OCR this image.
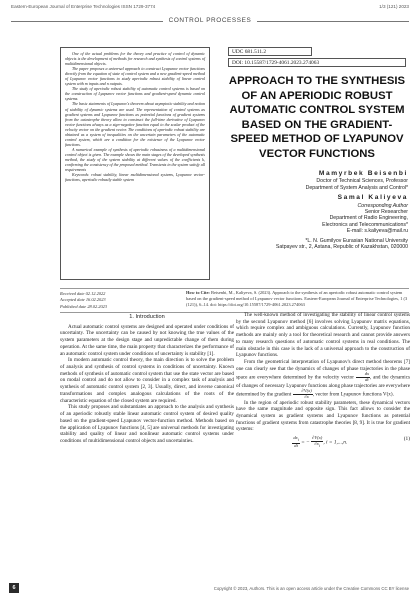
Eastern-European Journal of Enterprise Technologies ISSN 1729-3774	1/3 (121) 2023
CONTROL PROCESSES

One of the actual problems for the theory and practice of control of dynamic objects is the development of methods for research and synthesis of control systems of multidimensional objects.

The paper proposes a universal approach to construct Lyapunov vector functions directly from the equation of state of control system and a new gradient-speed method of Lyapunov vector functions to study aperiodic robust stability of linear control system with m inputs and n outputs.

The study of aperiodic robust stability of automatic control systems is based on the construction of Lyapunov vector functions and gradient-speed dynamic control systems.

The basic statements of Lyapunov's theorem about asymptotic stability and notion of stability of dynamic systems are used. The representation of control systems as gradient systems and Lyapunov functions as potential functions of gradient systems from the catastrophe theory allow to construct the full-time derivative of Lyapunov vector functions always as a sign-negative function equal to the scalar product of the velocity vector on the gradient vector. The conditions of aperiodic robust stability are obtained as a system of inequalities on the uncertain parameters of the automatic control system, which are a condition for the existence of the Lyapunov vector functions.

A numerical example of synthesis of aperiodic robustness of a multidimensional control object is given. The example shows the main stages of the developed synthesis method, the study of the system stability at different values of the coefficients k, confirming the consistency of the proposed method. Transients in the system satisfy all requirements

Keywords: robust stability, linear multidimensional systems, Lyapunov vector-functions, aperiodic robustly stable system

UDC 681.511.2
DOI: 10.15587/1729-4061.2023.274063
APPROACH TO THE SYNTHESIS OF AN APERIODIC ROBUST AUTOMATIC CONTROL SYSTEM BASED ON THE GRADIENT-SPEED METHOD OF LYAPUNOV VECTOR FUNCTIONS
Mamyrbek Beisenbi
Doctor of Technical Sciences, Professor
Department of System Analysis and Control*
Samal Kaliyeva
Corresponding Author
Senior Researcher
Department of Radio Engineering,
Electronics and Telecommunications*
E-mail: s.kaliyeva@mail.ru
*L. N. Gumilyov Eurasian National University
Satpayev str., 2, Astana, Republic of Kazakhstan, 020000
Received date 02.12.2022
Accepted date 16.02.2023
Published date 28.02.2023
How to Cite: Beisenbi, M., Kaliyeva, S. (2023). Approach to the synthesis of an aperiodic robust automatic control system based on the gradient-speed method of Lyapunov vector functions. Eastern-European Journal of Enterprise Technologies, 1 (3 (121)), 6–14. doi: https://doi.org/10.15587/1729-4061.2023.274063
1. Introduction

Actual automatic control systems are designed and operated under conditions of uncertainty. The uncertainty can be caused by not knowing the true values of the system parameters at the design stage and unpredictable change of them during operation. At the same time, the main property that characterizes the performance of an automatic control system under conditions of uncertainty is stability [1].

In modern automatic control theory, the main direction is to solve the problem of analysis and synthesis of control systems in conditions of uncertainty. Known methods of synthesis of automatic control system that use the state vector are based on modal control and do not allow to consider in a complex task of analysis and synthesis of automatic control system [2, 3]. Usually, direct, and inverse canonical transformations and complex analogous calculations of the roots of the characteristic equation of the closed system are required.

This study proposes and substantiates an approach to the analysis and synthesis of an aperiodic robustly stable linear automatic control system of desired quality based on the gradient-speed Lyapunov vector-function method. Methods based on the application of Lyapunov functions [4, 5] are universal methods for investigating stability and quality of linear and nonlinear automatic control systems under conditions of multidimensional control objects and uncertainties.

The well-known method of investigating the stability of linear control systems by the second Lyapunov method [6] involves solving Lyapunov matrix equations, which require complex and ambiguous calculations. Currently, Lyapunov function methods are mainly only a tool for theoretical research and cannot provide answers to many research questions of automatic control systems in real conditions. The main obstacle in this case is the lack of a universal approach to the construction of Lyapunov functions.

From the geometrical interpretation of Lyapunov's direct method theorems [7] one can clearly see that the dynamics of changes of phase trajectories in the phase space are everywhere determined by the velocity vector $\frac{dx}{dt}$ , and the dynamics of changes of necessary Lyapunov functions along phase trajectories are everywhere determined by the gradient $\frac{\partial V(x)}{\partial x}$ , vector from Lyapunov functions V(x).

In the region of aperiodic robust stability parameters, these dynamical vectors have the same magnitude and opposite sign. This fact allows to consider the dynamical system as gradient systems and Lyapunov functions as potential functions of gradient systems from catastrophe theories [8, 9]. It is true for gradient systems:

$\frac{dx_i}{dt}$ = − $\frac{\partial V(x)}{\partial x_i}$ , i = 1,...,n.
(1)
6	Copyright © 2023, Authors. This is an open access article under the Creative Commons CC BY license
